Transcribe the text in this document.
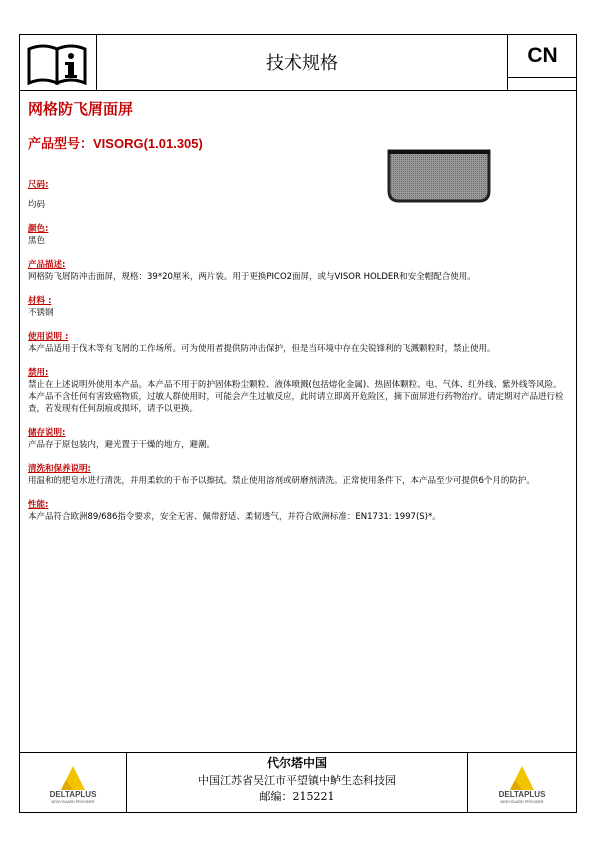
技术规格	CN
网格防飞屑面屏
产品型号：VISORG(1.01.305)
尺码:
均码
颜色:
黑色
产品描述:
网格防飞屑防冲击面屏，规格：39*20厘米，两片装。用于更换PICO2面屏，或与VISOR HOLDER和安全帽配合使用。
材料 :
不锈钢
使用说明 :
本产品适用于伐木等有飞屑的工作场所。可为使用者提供防冲击保护，但是当环境中存在尖锐锋利的飞溅颗粒时，禁止使用。
禁用:
禁止在上述说明外使用本产品。本产品不用于防护固体粉尘颗粒、液体喷溅(包括熔化金属)、热固体颗粒、电、气体、红外线、紫外线等风险。本产品不含任何有害致癌物质，过敏人群使用时，可能会产生过敏反应，此时请立即离开危险区，摘下面屏进行药物治疗。请定期对产品进行检查，若发现有任何刮痕或损坏，请予以更换。
储存说明:
产品存于原包装内，避光置于干燥的地方，避潮。
清洗和保养说明:
用温和的肥皂水进行清洗，并用柔软的干布予以擦拭。禁止使用溶剂或研磨剂清洗。正常使用条件下，本产品至少可提供6个月的防护。
性能:
本产品符合欧洲89/686指令要求，安全无害、佩带舒适、柔韧透气，并符合欧洲标准：EN1731: 1997(S)*。
DELTAPLUS
BODYGUARD PROVIDER
代尔塔中国
中国江苏省吴江市平望镇中鲈生态科技园
邮编：215221	DELTAPLUS
BODYGUARD PROVIDER
